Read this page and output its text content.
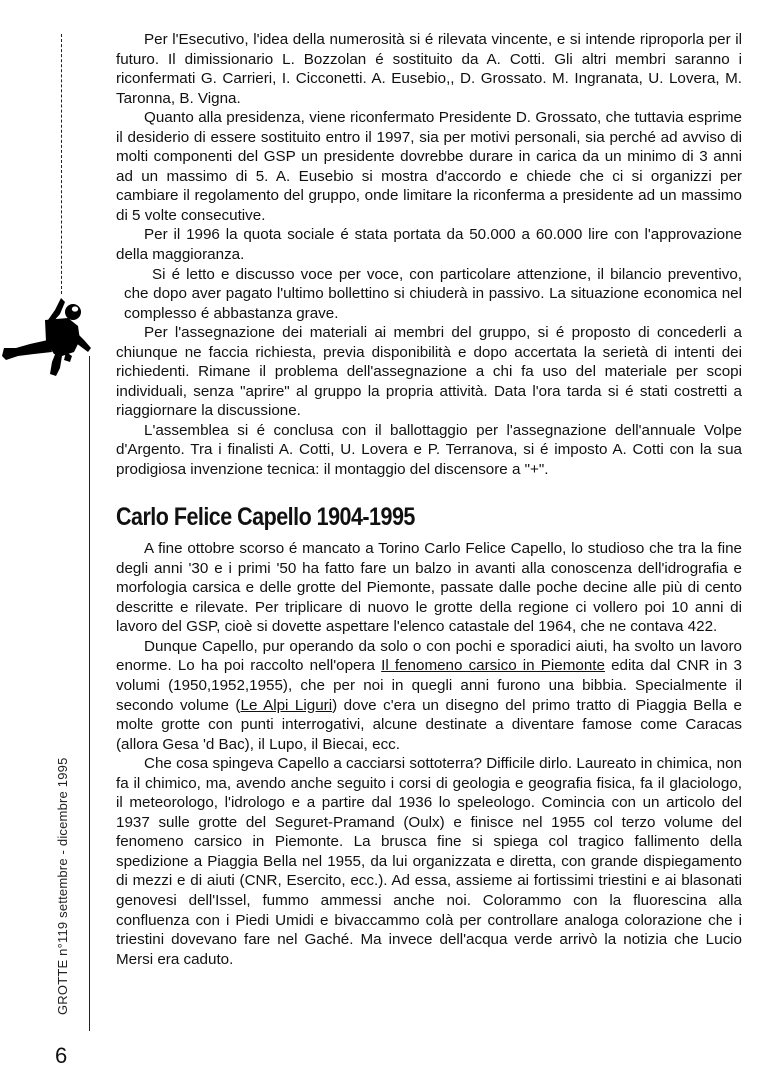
GROTTE n°119 settembre - dicembre 1995
6

Per l'Esecutivo, l'idea della numerosità si é rilevata vincente, e si intende riproporla per il futuro. Il dimissionario L. Bozzolan é sostituito da A. Cotti. Gli altri membri saranno i riconfermati G. Carrieri, I. Cicconetti. A. Eusebio,, D. Grossato. M. Ingranata, U. Lovera, M. Taronna, B. Vigna.

Quanto alla presidenza, viene riconfermato Presidente D. Grossato, che tuttavia esprime il desiderio di essere sostituito entro il 1997, sia per motivi personali, sia perché ad avviso di molti componenti del GSP un presidente dovrebbe durare in carica da un minimo di 3 anni ad un massimo di 5. A. Eusebio si mostra d'accordo e chiede che ci si organizzi per cambiare il regolamento del gruppo, onde limitare la riconferma a presidente ad un massimo di 5 volte consecutive.

Per il 1996 la quota sociale é stata portata da 50.000 a 60.000 lire con l'approvazione della maggioranza.

Si é letto e discusso voce per voce, con particolare attenzione, il bilancio preventivo, che dopo aver pagato l'ultimo bollettino si chiuderà in passivo. La situazione economica nel complesso é abbastanza grave.

Per l'assegnazione dei materiali ai membri del gruppo, si é proposto di concederli a chiunque ne faccia richiesta, previa disponibilità e dopo accertata la serietà di intenti dei richiedenti. Rimane il problema dell'assegnazione a chi fa uso del materiale per scopi individuali, senza "aprire" al gruppo la propria attività. Data l'ora tarda si é stati costretti a riaggiornare la discussione.

L'assemblea si é conclusa con il ballottaggio per l'assegnazione dell'annuale Volpe d'Argento. Tra i finalisti A. Cotti, U. Lovera e P. Terranova, si é imposto A. Cotti con la sua prodigiosa invenzione tecnica: il montaggio del discensore a "+".

Carlo Felice Capello 1904-1995

A fine ottobre scorso é mancato a Torino Carlo Felice Capello, lo studioso che tra la fine degli anni '30 e i primi '50 ha fatto fare un balzo in avanti alla conoscenza dell'idrografia e morfologia carsica e delle grotte del Piemonte, passate dalle poche decine alle più di cento descritte e rilevate. Per triplicare di nuovo le grotte della regione ci vollero poi 10 anni di lavoro del GSP, cioè si dovette aspettare l'elenco catastale del 1964, che ne contava 422.

Dunque Capello, pur operando da solo o con pochi e sporadici aiuti, ha svolto un lavoro enorme. Lo ha poi raccolto nell'opera Il fenomeno carsico in Piemonte edita dal CNR in 3 volumi (1950,1952,1955), che per noi in quegli anni furono una bibbia. Specialmente il secondo volume (Le Alpi Liguri) dove c'era un disegno del primo tratto di Piaggia Bella e molte grotte con punti interrogativi, alcune destinate a diventare famose come Caracas (allora Gesa 'd Bac), il Lupo, il Biecai, ecc.

Che cosa spingeva Capello a cacciarsi sottoterra? Difficile dirlo. Laureato in chimica, non fa il chimico, ma, avendo anche seguito i corsi di geologia e geografia fisica, fa il glaciologo, il meteorologo, l'idrologo e a partire dal 1936 lo speleologo. Comincia con un articolo del 1937 sulle grotte del Seguret-Pramand (Oulx) e finisce nel 1955 col terzo volume del fenomeno carsico in Piemonte. La brusca fine si spiega col tragico fallimento della spedizione a Piaggia Bella nel 1955, da lui organizzata e diretta, con grande dispiegamento di mezzi e di aiuti (CNR, Esercito, ecc.). Ad essa, assieme ai fortissimi triestini e ai blasonati genovesi dell'Issel, fummo ammessi anche noi. Colorammo con la fluorescina alla confluenza con i Piedi Umidi e bivaccammo colà per controllare analoga colorazione che i triestini dovevano fare nel Gaché. Ma invece dell'acqua verde arrivò la notizia che Lucio Mersi era caduto.
